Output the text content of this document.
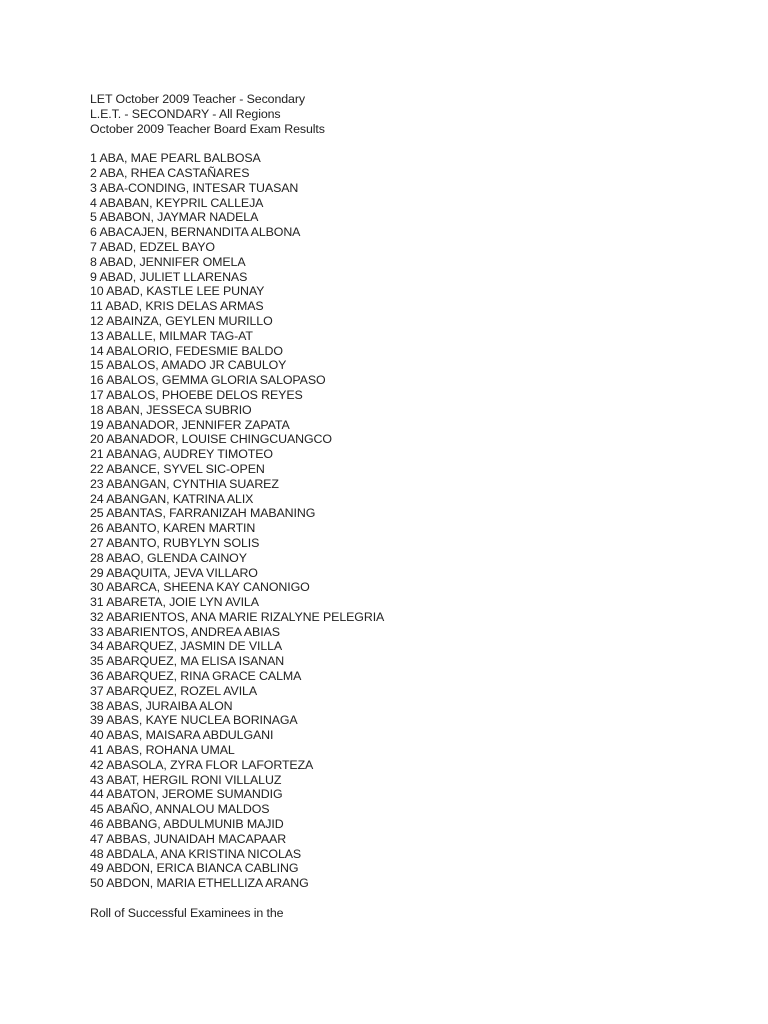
LET October 2009 Teacher - Secondary
L.E.T. - SECONDARY - All Regions
October 2009 Teacher Board Exam Results
1 ABA, MAE PEARL BALBOSA
2 ABA, RHEA CASTAÑARES
3 ABA-CONDING, INTESAR TUASAN
4 ABABAN, KEYPRIL CALLEJA
5 ABABON, JAYMAR NADELA
6 ABACAJEN, BERNANDITA ALBONA
7 ABAD, EDZEL BAYO
8 ABAD, JENNIFER OMELA
9 ABAD, JULIET LLARENAS
10 ABAD, KASTLE LEE PUNAY
11 ABAD, KRIS DELAS ARMAS
12 ABAINZA, GEYLEN MURILLO
13 ABALLE, MILMAR TAG-AT
14 ABALORIO, FEDESMIE BALDO
15 ABALOS, AMADO JR CABULOY
16 ABALOS, GEMMA GLORIA SALOPASO
17 ABALOS, PHOEBE DELOS REYES
18 ABAN, JESSECA SUBRIO
19 ABANADOR, JENNIFER ZAPATA
20 ABANADOR, LOUISE CHINGCUANGCO
21 ABANAG, AUDREY TIMOTEO
22 ABANCE, SYVEL SIC-OPEN
23 ABANGAN, CYNTHIA SUAREZ
24 ABANGAN, KATRINA ALIX
25 ABANTAS, FARRANIZAH MABANING
26 ABANTO, KAREN MARTIN
27 ABANTO, RUBYLYN SOLIS
28 ABAO, GLENDA CAINOY
29 ABAQUITA, JEVA VILLARO
30 ABARCA, SHEENA KAY CANONIGO
31 ABARETA, JOIE LYN AVILA
32 ABARIENTOS, ANA MARIE RIZALYNE PELEGRIA
33 ABARIENTOS, ANDREA ABIAS
34 ABARQUEZ, JASMIN DE VILLA
35 ABARQUEZ, MA ELISA ISANAN
36 ABARQUEZ, RINA GRACE CALMA
37 ABARQUEZ, ROZEL AVILA
38 ABAS, JURAIBA ALON
39 ABAS, KAYE NUCLEA BORINAGA
40 ABAS, MAISARA ABDULGANI
41 ABAS, ROHANA UMAL
42 ABASOLA, ZYRA FLOR LAFORTEZA
43 ABAT, HERGIL RONI VILLALUZ
44 ABATON, JEROME SUMANDIG
45 ABAÑO, ANNALOU MALDOS
46 ABBANG, ABDULMUNIB MAJID
47 ABBAS, JUNAIDAH MACAPAAR
48 ABDALA, ANA KRISTINA NICOLAS
49 ABDON, ERICA BIANCA CABLING
50 ABDON, MARIA ETHELLIZA ARANG
Roll of Successful Examinees in the
